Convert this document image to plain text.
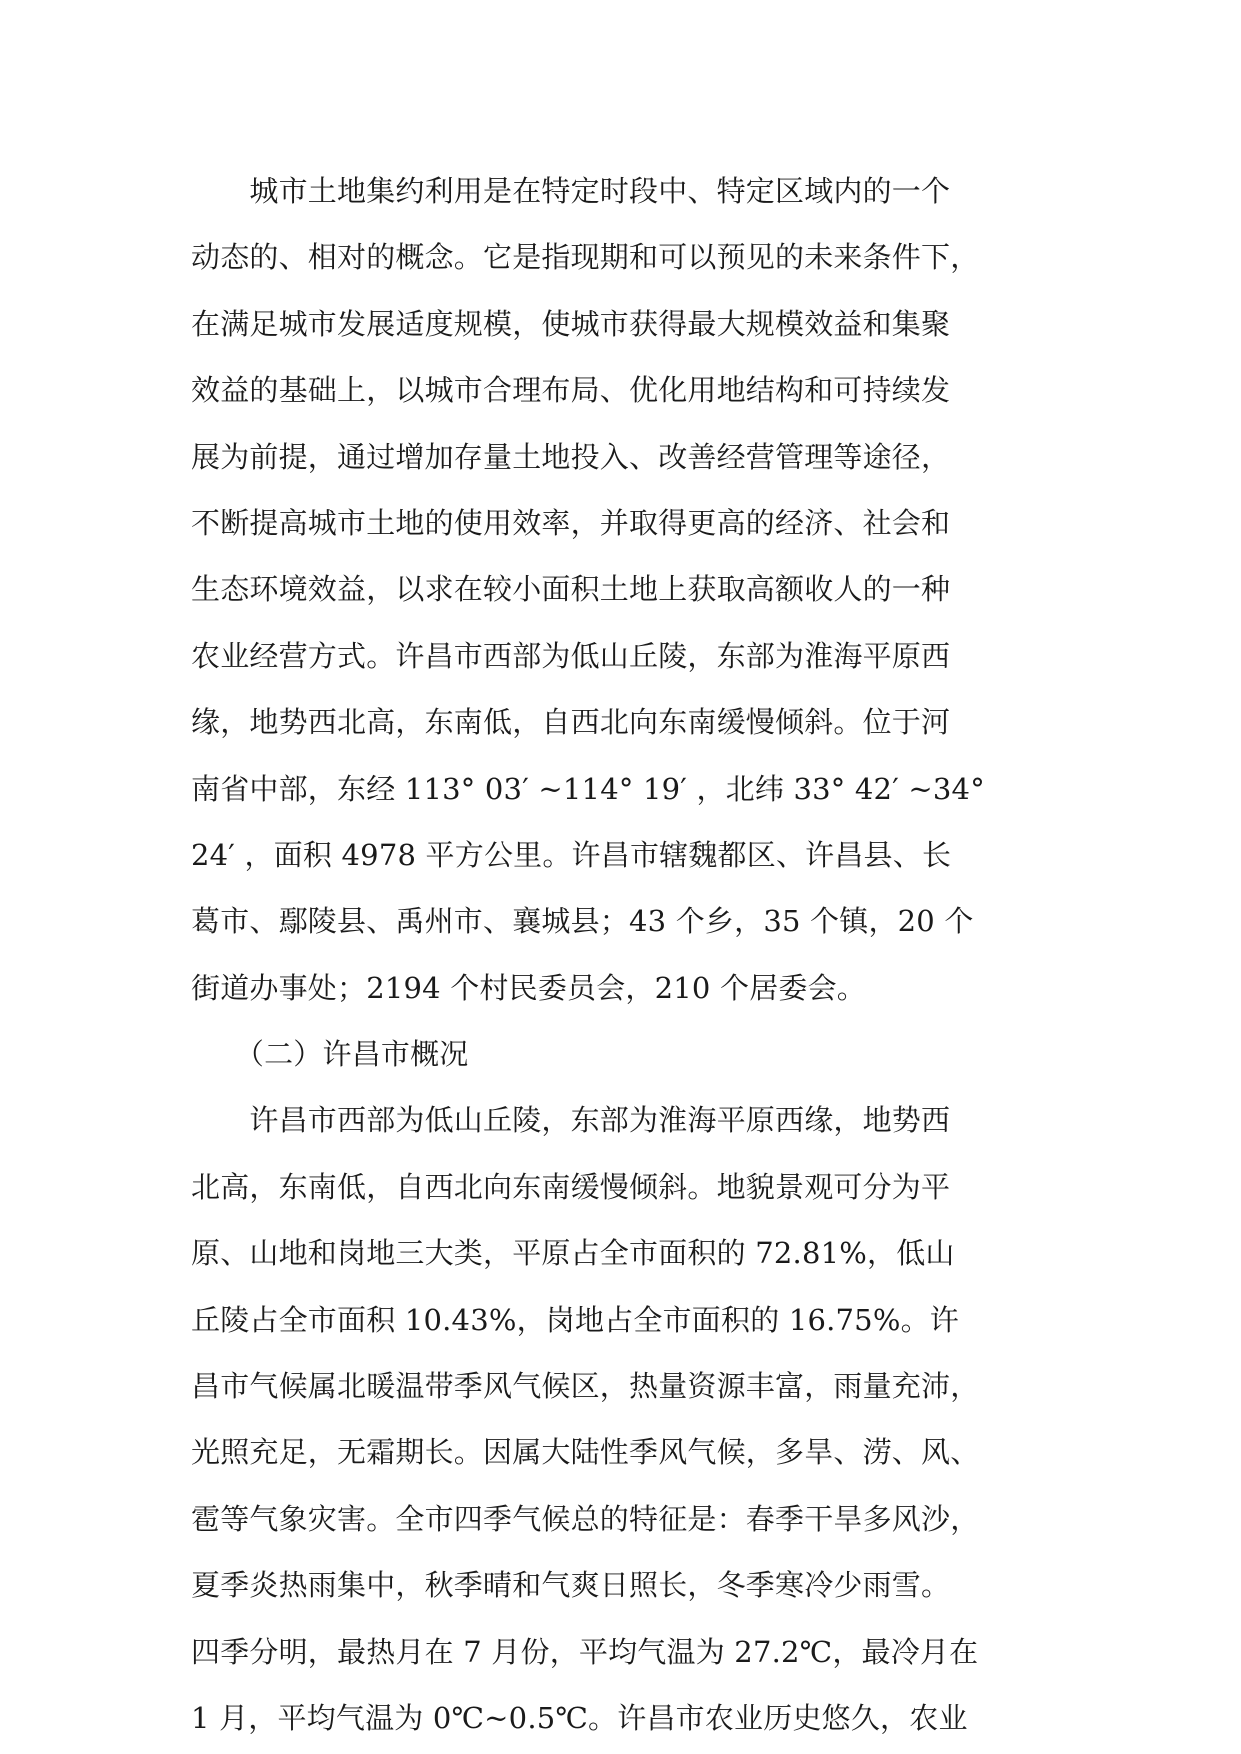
　　城市土地集约利用是在特定时段中、特定区域内的一个
动态的、相对的概念。它是指现期和可以预见的未来条件下，
在满足城市发展适度规模，使城市获得最大规模效益和集聚
效益的基础上，以城市合理布局、优化用地结构和可持续发
展为前提，通过增加存量土地投入、改善经营管理等途径，
不断提高城市土地的使用效率，并取得更高的经济、社会和
生态环境效益，以求在较小面积土地上获取高额收人的一种
农业经营方式。许昌市西部为低山丘陵，东部为淮海平原西
缘，地势西北高，东南低，自西北向东南缓慢倾斜。位于河
南省中部，东经 113° 03′ ~114° 19′ ，北纬 33° 42′ ~34°
24′ ，面积 4978 平方公里。许昌市辖魏都区、许昌县、长
葛市、鄢陵县、禹州市、襄城县；43 个乡，35 个镇，20 个
街道办事处；2194 个村民委员会，210 个居委会。
　　（二）许昌市概况
　　许昌市西部为低山丘陵，东部为淮海平原西缘，地势西
北高，东南低，自西北向东南缓慢倾斜。地貌景观可分为平
原、山地和岗地三大类，平原占全市面积的 72.81%，低山
丘陵占全市面积 10.43%，岗地占全市面积的 16.75%。许
昌市气候属北暖温带季风气候区，热量资源丰富，雨量充沛，
光照充足，无霜期长。因属大陆性季风气候，多旱、涝、风、
雹等气象灾害。全市四季气候总的特征是：春季干旱多风沙，
夏季炎热雨集中，秋季晴和气爽日照长，冬季寒冷少雨雪。
四季分明，最热月在 7 月份，平均气温为 27.2℃，最冷月在
1 月，平均气温为 0℃~0.5℃。许昌市农业历史悠久，农业
